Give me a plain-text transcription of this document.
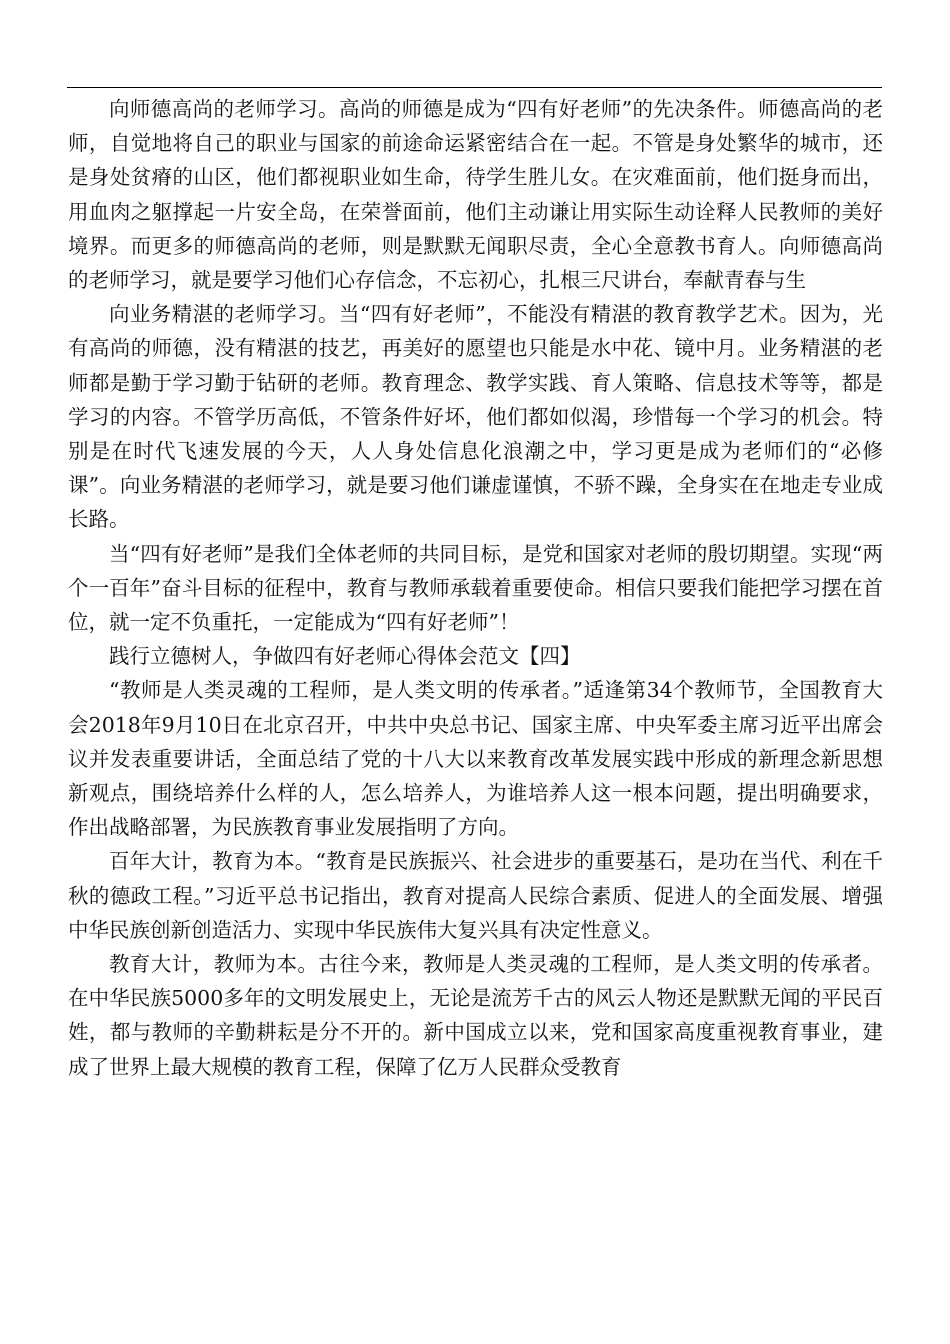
向师德高尚的老师学习。高尚的师德是成为“四有好老师”的先决条件。师德高尚的老师，自觉地将自己的职业与国家的前途命运紧密结合在一起。不管是身处繁华的城市，还是身处贫瘠的山区，他们都视职业如生命，待学生胜儿女。在灾难面前，他们挺身而出，用血肉之躯撑起一片安全岛，在荣誉面前，他们主动谦让用实际生动诠释人民教师的美好境界。而更多的师德高尚的老师，则是默默无闻职尽责，全心全意教书育人。向师德高尚的老师学习，就是要学习他们心存信念，不忘初心，扎根三尺讲台，奉献青春与生

向业务精湛的老师学习。当“四有好老师”，不能没有精湛的教育教学艺术。因为，光有高尚的师德，没有精湛的技艺，再美好的愿望也只能是水中花、镜中月。业务精湛的老师都是勤于学习勤于钻研的老师。教育理念、教学实践、育人策略、信息技术等等，都是学习的内容。不管学历高低，不管条件好坏，他们都如似渴，珍惜每一个学习的机会。特别是在时代飞速发展的今天，人人身处信息化浪潮之中，学习更是成为老师们的“必修课”。向业务精湛的老师学习，就是要习他们谦虚谨慎，不骄不躁，全身实在在地走专业成长路。

当“四有好老师”是我们全体老师的共同目标，是党和国家对老师的殷切期望。实现“两个一百年”奋斗目标的征程中，教育与教师承载着重要使命。相信只要我们能把学习摆在首位，就一定不负重托，一定能成为“四有好老师”！

践行立德树人，争做四有好老师心得体会范文【四】

“教师是人类灵魂的工程师，是人类文明的传承者。”适逢第34个教师节，全国教育大会2018年9月10日在北京召开，中共中央总书记、国家主席、中央军委主席习近平出席会议并发表重要讲话，全面总结了党的十八大以来教育改革发展实践中形成的新理念新思想新观点，围绕培养什么样的人，怎么培养人，为谁培养人这一根本问题，提出明确要求，作出战略部署，为民族教育事业发展指明了方向。

百年大计，教育为本。“教育是民族振兴、社会进步的重要基石，是功在当代、利在千秋的德政工程。”习近平总书记指出，教育对提高人民综合素质、促进人的全面发展、增强中华民族创新创造活力、实现中华民族伟大复兴具有决定性意义。

教育大计，教师为本。古往今来，教师是人类灵魂的工程师，是人类文明的传承者。在中华民族5000多年的文明发展史上，无论是流芳千古的风云人物还是默默无闻的平民百姓，都与教师的辛勤耕耘是分不开的。新中国成立以来，党和国家高度重视教育事业，建成了世界上最大规模的教育工程，保障了亿万人民群众受教育
